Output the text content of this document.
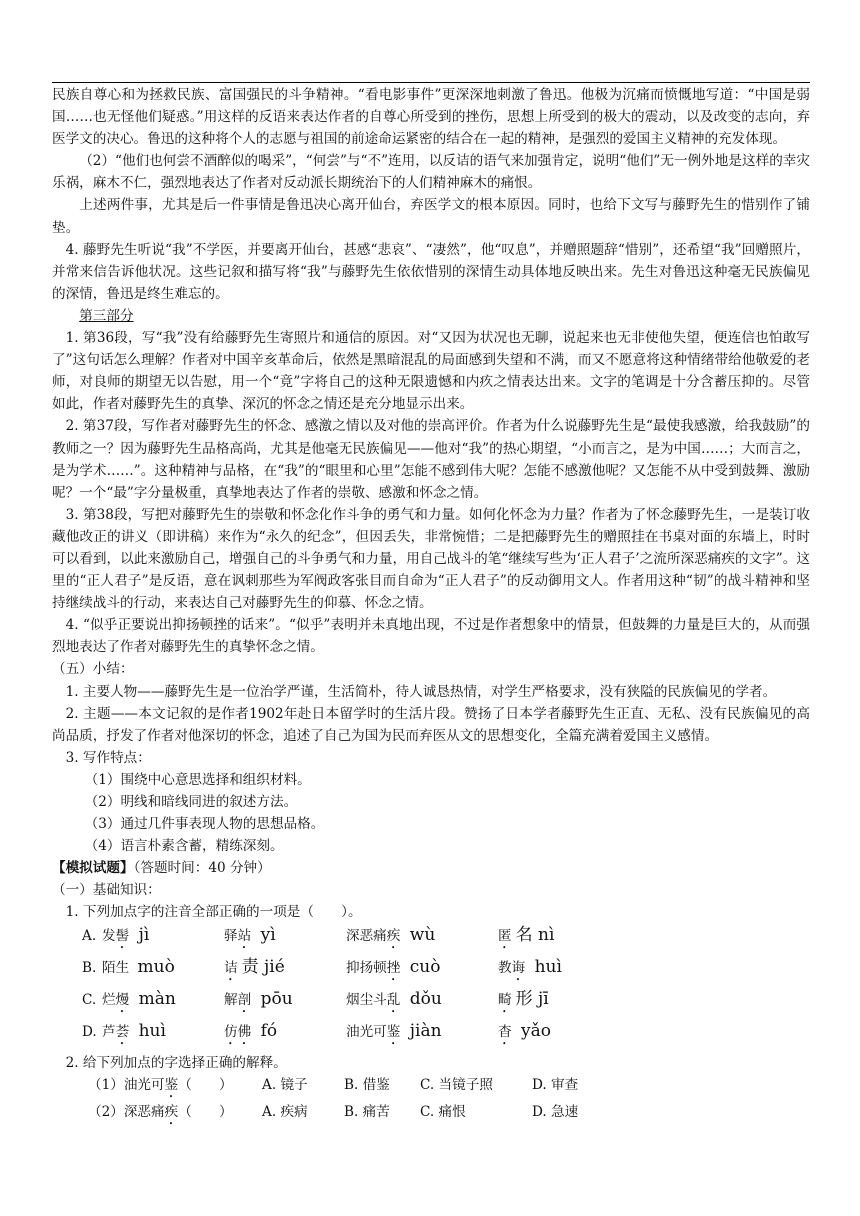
民族自尊心和为拯救民族、富国强民的斗争精神。“看电影事件”更深深地刺激了鲁迅。他极为沉痛而愤慨地写道：“中国是弱国……也无怪他们疑惑。”用这样的反语来表达作者的自尊心所受到的挫伤，思想上所受到的极大的震动，以及改变的志向，弃医学文的决心。鲁迅的这种将个人的志愿与祖国的前途命运紧密的结合在一起的精神，是强烈的爱国主义精神的充发体现。

（2）“他们也何尝不酒醉似的喝采”，“何尝”与“不”连用，以反诘的语气来加强肯定，说明“他们”无一例外地是这样的幸灾乐祸，麻木不仁，强烈地表达了作者对反动派长期统治下的人们精神麻木的痛恨。

上述两件事，尤其是后一件事情是鲁迅决心离开仙台，弃医学文的根本原因。同时，也给下文写与藤野先生的惜别作了铺垫。

4. 藤野先生听说“我”不学医，并要离开仙台，甚感“悲哀”、“凄然”，他“叹息”，并赠照题辞“惜别”，还希望“我”回赠照片，并常来信告诉他状况。这些记叙和描写将“我”与藤野先生依依惜别的深情生动具体地反映出来。先生对鲁迅这种毫无民族偏见的深情，鲁迅是终生难忘的。

第三部分

1. 第36段，写“我”没有给藤野先生寄照片和通信的原因。对“又因为状况也无聊，说起来也无非使他失望，便连信也怕敢写了”这句话怎么理解？作者对中国辛亥革命后，依然是黑暗混乱的局面感到失望和不满，而又不愿意将这种情绪带给他敬爱的老师，对良师的期望无以告慰，用一个“竟”字将自己的这种无限遗憾和内疚之情表达出来。文字的笔调是十分含蓄压抑的。尽管如此，作者对藤野先生的真挚、深沉的怀念之情还是充分地显示出来。

2. 第37段，写作者对藤野先生的怀念、感激之情以及对他的崇高评价。作者为什么说藤野先生是“最使我感激，给我鼓励”的教师之一？因为藤野先生品格高尚，尤其是他毫无民族偏见——他对“我”的热心期望，“小而言之，是为中国……；大而言之，是为学术……”。这种精神与品格，在“我”的“眼里和心里”怎能不感到伟大呢？怎能不感激他呢？又怎能不从中受到鼓舞、激励呢？一个“最”字分量极重，真挚地表达了作者的崇敬、感激和怀念之情。

3. 第38段，写把对藤野先生的崇敬和怀念化作斗争的勇气和力量。如何化怀念为力量？作者为了怀念藤野先生，一是装订收藏他改正的讲义（即讲稿）来作为“永久的纪念”，但因丢失，非常惋惜；二是把藤野先生的赠照挂在书桌对面的东墙上，时时可以看到，以此来激励自己，增强自己的斗争勇气和力量，用自己战斗的笔“继续写些为‘正人君子’之流所深恶痛疾的文字”。这里的“正人君子”是反语，意在讽刺那些为军阀政客张目而自命为“正人君子”的反动御用文人。作者用这种“韧”的战斗精神和坚持继续战斗的行动，来表达自己对藤野先生的仰慕、怀念之情。

4. “似乎正要说出抑扬顿挫的话来”。“似乎”表明并未真地出现，不过是作者想象中的情景，但鼓舞的力量是巨大的，从而强烈地表达了作者对藤野先生的真挚怀念之情。

（五）小结：

1. 主要人物——藤野先生是一位治学严谨，生活简朴，待人诚恳热情，对学生严格要求，没有狭隘的民族偏见的学者。

2. 主题——本文记叙的是作者1902年赴日本留学时的生活片段。赞扬了日本学者藤野先生正直、无私、没有民族偏见的高尚品质，抒发了作者对他深切的怀念，追述了自己为国为民而弃医从文的思想变化，全篇充满着爱国主义感情。

3. 写作特点：

（1）围绕中心意思选择和组织材料。

（2）明线和暗线同进的叙述方法。

（3）通过几件事表现人物的思想品格。

（4）语言朴素含蓄，精练深刻。

【模拟试题】（答题时间：40 分钟）

（一）基础知识：

1. 下列加点字的注音全部正确的一项是（　　）。

A. 发髻 jì	驿站 yì	深恶痛疾 wù	匿 名 nì
B. 陌生 muò	诘 责 jié	抑扬顿挫 cuò	教诲 huì
C. 烂熳 màn	解剖 pōu	烟尘斗乱 dǒu	畸 形 jī
D. 芦荟 huì	仿佛 fó	油光可鉴 jiàn	杳 yǎo

2. 给下列加点的字选择正确的解释。

（1）油光可鉴（　　） A. 镜子	B. 借鉴 C. 当镜子照	D. 审查
（2）深恶痛疾（　　） A. 疾病	B. 痛苦 C. 痛恨	D. 急速
